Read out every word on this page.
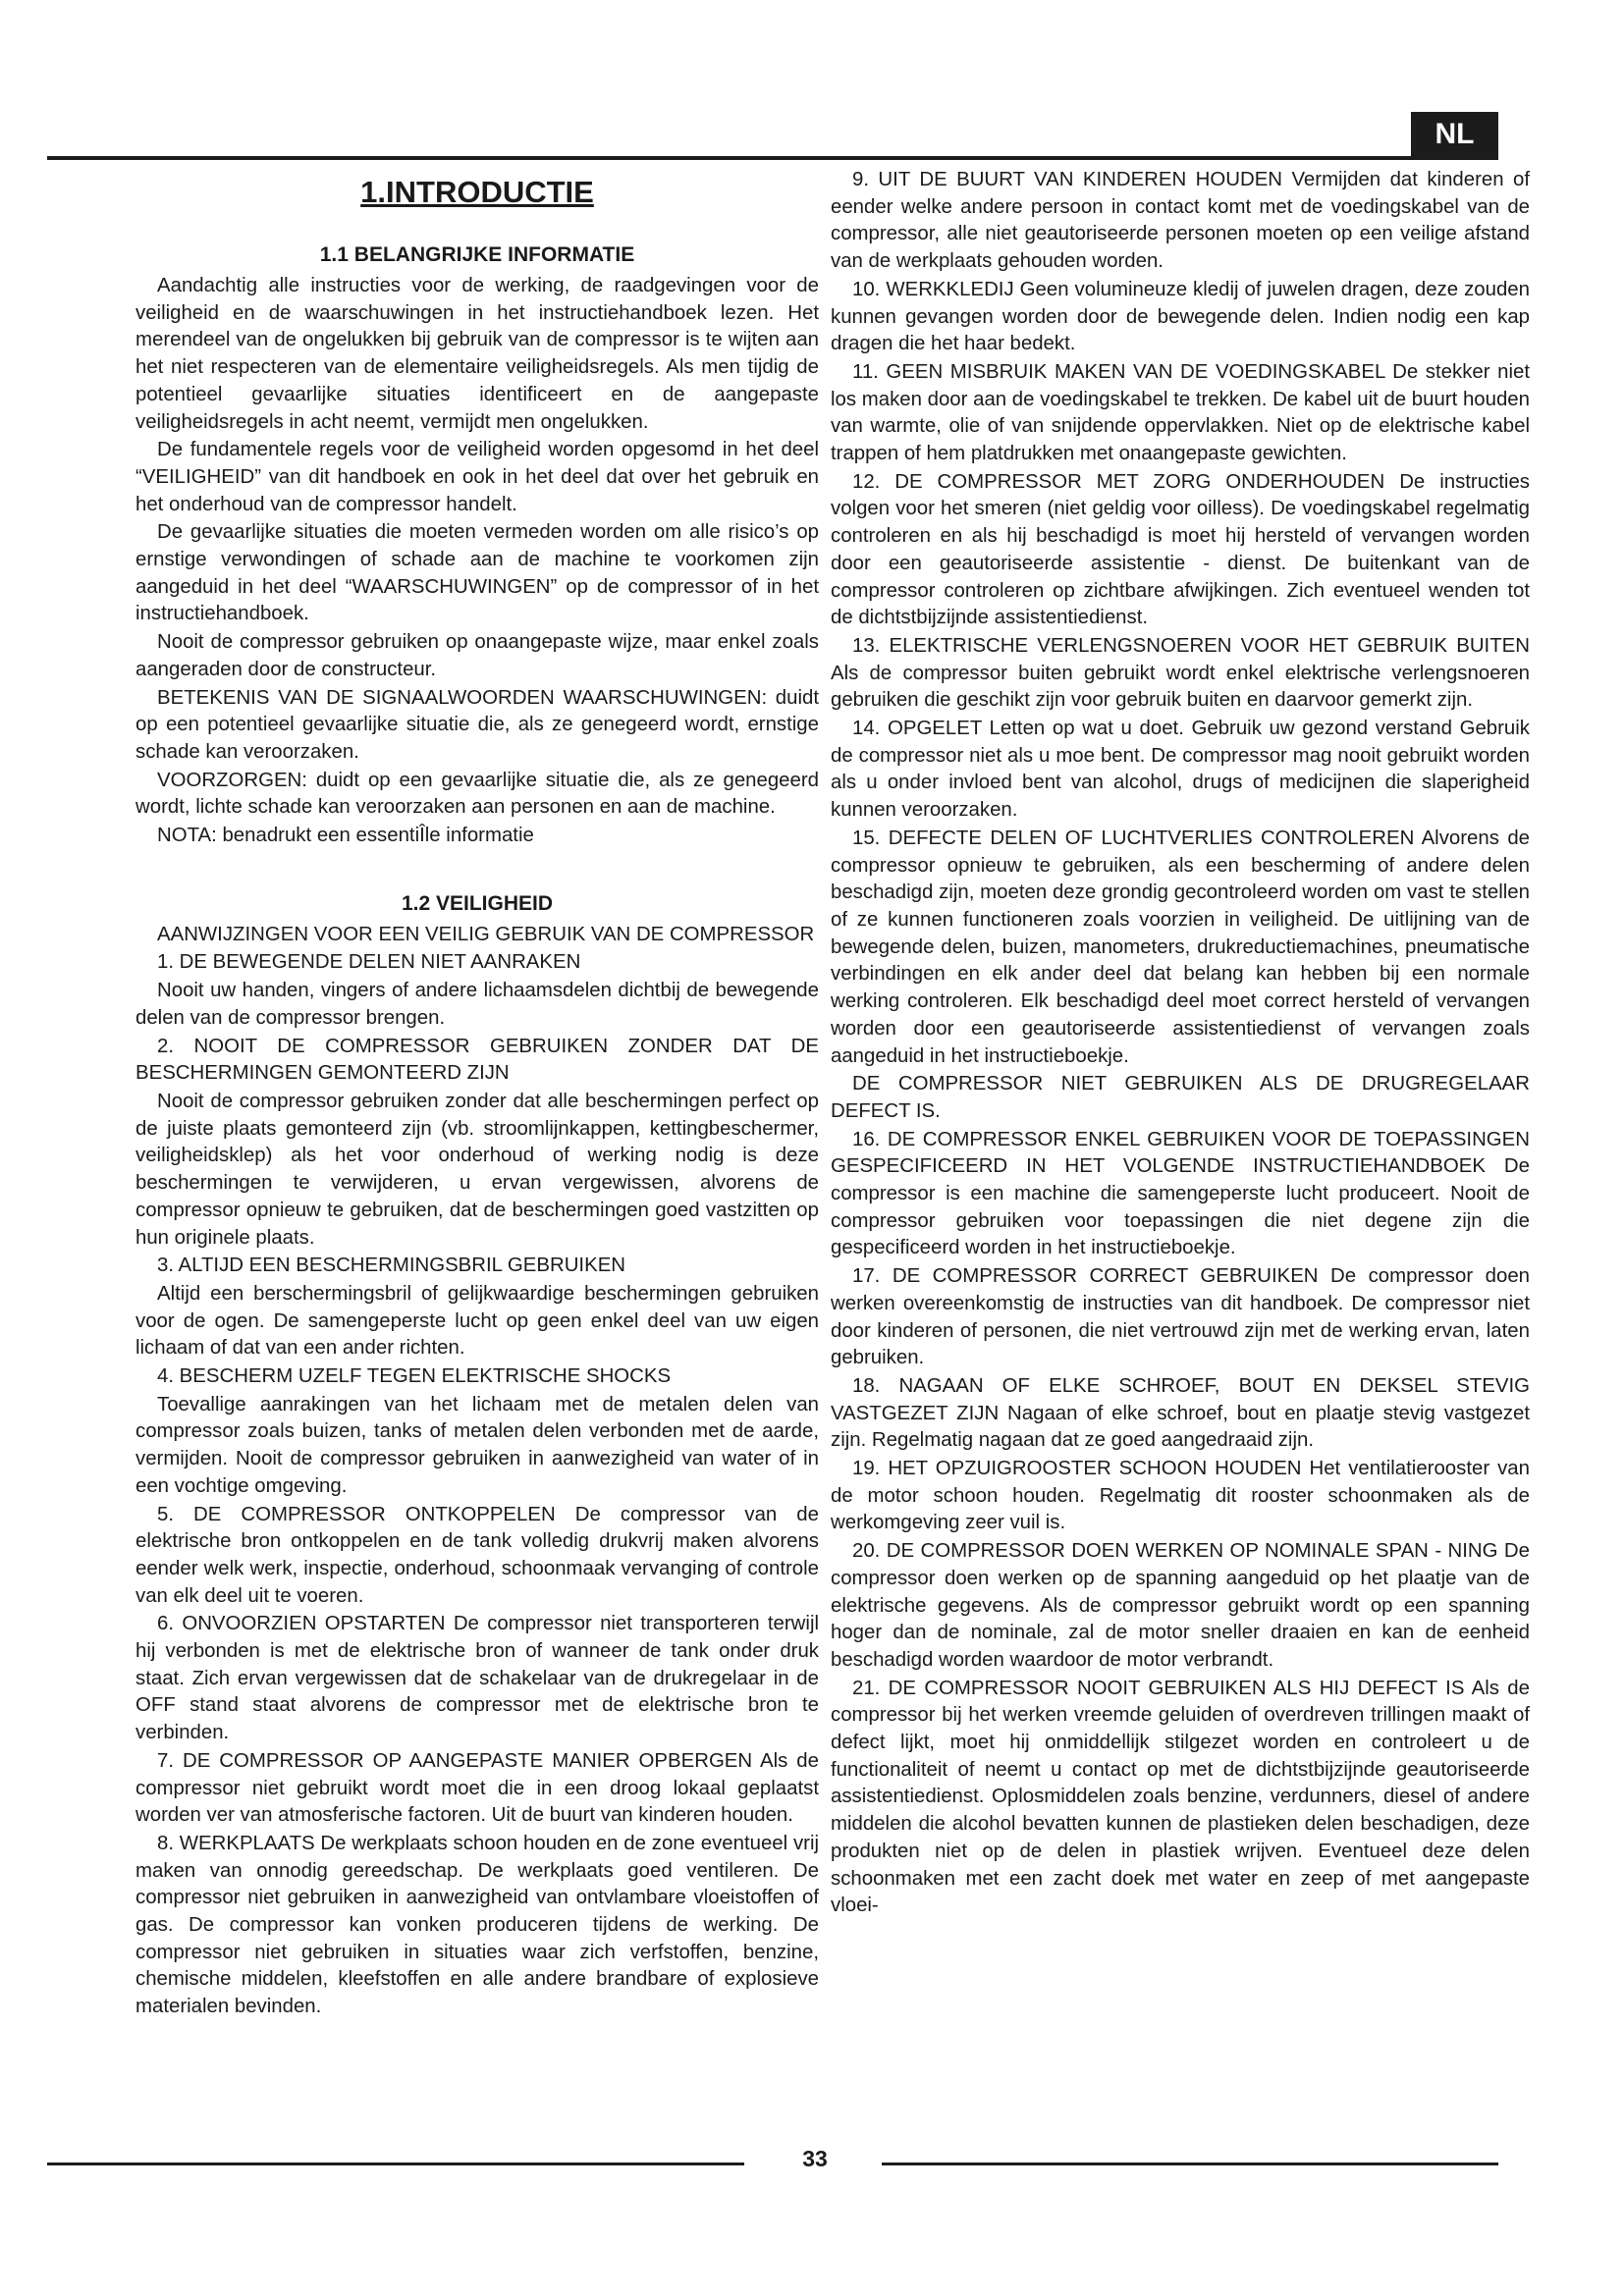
NL
1.INTRODUCTIE
1.1 BELANGRIJKE INFORMATIE

Aandachtig alle instructies voor de werking, de raadgevingen voor de veiligheid en de waarschuwingen in het instructiehandboek lezen. Het merendeel van de ongelukken bij gebruik van de compressor is te wijten aan het niet respecteren van de elementaire veiligheidsregels. Als men tijdig de potentieel gevaarlijke situaties identificeert en de aangepaste veiligheidsregels in acht neemt, vermijdt men ongelukken.

De fundamentele regels voor de veiligheid worden opgesomd in het deel “VEILIGHEID” van dit handboek en ook in het deel dat over het gebruik en het onderhoud van de compressor handelt.

De gevaarlijke situaties die moeten vermeden worden om alle risico’s op ernstige verwondingen of schade aan de machine te voorkomen zijn aangeduid in het deel “WAARSCHUWINGEN” op de compressor of in het instructiehandboek.

Nooit de compressor gebruiken op onaangepaste wijze, maar enkel zoals aangeraden door de constructeur.

BETEKENIS VAN DE SIGNAALWOORDEN WAARSCHUWINGEN: duidt op een potentieel gevaarlijke situatie die, als ze genegeerd wordt, ernstige schade kan veroorzaken.

VOORZORGEN: duidt op een gevaarlijke situatie die, als ze genegeerd wordt, lichte schade kan veroorzaken aan personen en aan de machine.

NOTA: benadrukt een essentiÎle informatie

1.2 VEILIGHEID

AANWIJZINGEN VOOR EEN VEILIG GEBRUIK VAN DE COMPRESSOR

1. DE BEWEGENDE DELEN NIET AANRAKEN

Nooit uw handen, vingers of andere lichaamsdelen dichtbij de bewegende delen van de compressor brengen.

2. NOOIT DE COMPRESSOR GEBRUIKEN ZONDER DAT DE BESCHERMINGEN GEMONTEERD ZIJN

Nooit de compressor gebruiken zonder dat alle beschermingen perfect op de juiste plaats gemonteerd zijn (vb. stroomlijnkappen, kettingbeschermer, veiligheidsklep) als het voor onderhoud of werking nodig is deze beschermingen te verwijderen, u ervan vergewissen, alvorens de compressor opnieuw te gebruiken, dat de beschermingen goed vastzitten op hun originele plaats.

3. ALTIJD EEN BESCHERMINGSBRIL GEBRUIKEN

Altijd een berschermingsbril of gelijkwaardige beschermingen gebruiken voor de ogen. De samengeperste lucht op geen enkel deel van uw eigen lichaam of dat van een ander richten.

4. BESCHERM UZELF TEGEN ELEKTRISCHE SHOCKS

Toevallige aanrakingen van het lichaam met de metalen delen van compressor zoals buizen, tanks of metalen delen verbonden met de aarde, vermijden. Nooit de compressor gebruiken in aanwezigheid van water of in een vochtige omgeving.

5. DE COMPRESSOR ONTKOPPELEN De compressor van de elektrische bron ontkoppelen en de tank volledig drukvrij maken alvorens eender welk werk, inspectie, onderhoud, schoonmaak vervanging of controle van elk deel uit te voeren.

6. ONVOORZIEN OPSTARTEN De compressor niet transporteren terwijl hij verbonden is met de elektrische bron of wanneer de tank onder druk staat. Zich ervan vergewissen dat de schakelaar van de drukregelaar in de OFF stand staat alvorens de compressor met de elektrische bron te verbinden.

7. DE COMPRESSOR OP AANGEPASTE MANIER OPBERGEN Als de compressor niet gebruikt wordt moet die in een droog lokaal geplaatst worden ver van atmosferische factoren. Uit de buurt van kinderen houden.

8. WERKPLAATS De werkplaats schoon houden en de zone eventueel vrij maken van onnodig gereedschap. De werkplaats goed ventileren. De compressor niet gebruiken in aanwezigheid van ontvlambare vloeistoffen of gas. De compressor kan vonken produceren tijdens de werking. De compressor niet gebruiken in situaties waar zich verfstoffen, benzine, chemische middelen, kleefstoffen en alle andere brandbare of explosieve materialen bevinden.

9. UIT DE BUURT VAN KINDEREN HOUDEN Vermijden dat kinderen of eender welke andere persoon in contact komt met de voedingskabel van de compressor, alle niet geautoriseerde personen moeten op een veilige afstand van de werkplaats gehouden worden.

10. WERKKLEDIJ Geen volumineuze kledij of juwelen dragen, deze zouden kunnen gevangen worden door de bewegende delen. Indien nodig een kap dragen die het haar bedekt.

11. GEEN MISBRUIK MAKEN VAN DE VOEDINGSKABEL De stekker niet los maken door aan de voedingskabel te trekken. De kabel uit de buurt houden van warmte, olie of van snijdende oppervlakken. Niet op de elektrische kabel trappen of hem platdrukken met onaangepaste gewichten.

12. DE COMPRESSOR MET ZORG ONDERHOUDEN De instructies volgen voor het smeren (niet geldig voor oilless). De voedingskabel regelmatig controleren en als hij beschadigd is moet hij hersteld of vervangen worden door een geautoriseerde assistentie - dienst. De buitenkant van de compressor controleren op zichtbare afwijkingen. Zich eventueel wenden tot de dichtstbijzijnde assistentiedienst.

13. ELEKTRISCHE VERLENGSNOEREN VOOR HET GEBRUIK BUITEN Als de compressor buiten gebruikt wordt enkel elektrische verlengsnoeren gebruiken die geschikt zijn voor gebruik buiten en daarvoor gemerkt zijn.

14. OPGELET Letten op wat u doet. Gebruik uw gezond verstand Gebruik de compressor niet als u moe bent. De compressor mag nooit gebruikt worden als u onder invloed bent van alcohol, drugs of medicijnen die slaperigheid kunnen veroorzaken.

15. DEFECTE DELEN OF LUCHTVERLIES CONTROLEREN Alvorens de compressor opnieuw te gebruiken, als een bescherming of andere delen beschadigd zijn, moeten deze grondig gecontroleerd worden om vast te stellen of ze kunnen functioneren zoals voorzien in veiligheid. De uitlijning van de bewegende delen, buizen, manometers, drukreductiemachines, pneumatische verbindingen en elk ander deel dat belang kan hebben bij een normale werking controleren. Elk beschadigd deel moet correct hersteld of vervangen worden door een geautoriseerde assistentiedienst of vervangen zoals aangeduid in het instructieboekje.

DE COMPRESSOR NIET GEBRUIKEN ALS DE DRUGREGELAAR DEFECT IS.

16. DE COMPRESSOR ENKEL GEBRUIKEN VOOR DE TOEPASSINGEN GESPECIFICEERD IN HET VOLGENDE INSTRUCTIEHANDBOEK De compressor is een machine die samengeperste lucht produceert. Nooit de compressor gebruiken voor toepassingen die niet degene zijn die gespecificeerd worden in het instructieboekje.

17. DE COMPRESSOR CORRECT GEBRUIKEN De compressor doen werken overeenkomstig de instructies van dit handboek. De compressor niet door kinderen of personen, die niet vertrouwd zijn met de werking ervan, laten gebruiken.

18. NAGAAN OF ELKE SCHROEF, BOUT EN DEKSEL STEVIG VASTGEZET ZIJN Nagaan of elke schroef, bout en plaatje stevig vastgezet zijn. Regelmatig nagaan dat ze goed aangedraaid zijn.

19. HET OPZUIGROOSTER SCHOON HOUDEN Het ventilatierooster van de motor schoon houden. Regelmatig dit rooster schoonmaken als de werkomgeving zeer vuil is.

20. DE COMPRESSOR DOEN WERKEN OP NOMINALE SPAN - NING De compressor doen werken op de spanning aangeduid op het plaatje van de elektrische gegevens. Als de compressor gebruikt wordt op een spanning hoger dan de nominale, zal de motor sneller draaien en kan de eenheid beschadigd worden waardoor de motor verbrandt.

21. DE COMPRESSOR NOOIT GEBRUIKEN ALS HIJ DEFECT IS Als de compressor bij het werken vreemde geluiden of overdreven trillingen maakt of defect lijkt, moet hij onmiddellijk stilgezet worden en controleert u de functionaliteit of neemt u contact op met de dichtstbijzijnde geautoriseerde assistentiedienst. Oplosmiddelen zoals benzine, verdunners, diesel of andere middelen die alcohol bevatten kunnen de plastieken delen beschadigen, deze produkten niet op de delen in plastiek wrijven. Eventueel deze delen schoonmaken met een zacht doek met water en zeep of met aangepaste vloei-

33
